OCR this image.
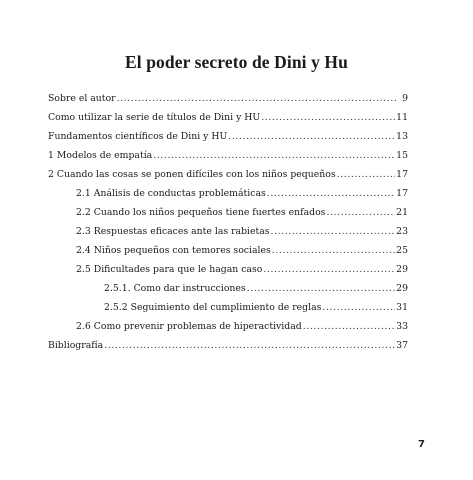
El poder secreto de Dini y Hu
Sobre el autor .....	9
Como utilizar la serie de títulos de Dini y HU .....	11
Fundamentos científicos de Dini y HU .....	13
1 Modelos de empatía .....	15
2 Cuando las cosas se ponen difíciles con los niños pequeños .....	17
2.1 Análisis de conductas problemáticas .....	17
2.2 Cuando los niños pequeños tiene fuertes enfados .....	21
2.3 Respuestas eficaces ante las rabietas .....	23
2.4 Niños pequeños con temores sociales .....	25
2.5 Dificultades para que le hagan caso .....	29
2.5.1. Como dar instrucciones .....	29
2.5.2 Seguimiento del cumplimiento de reglas .....	31
2.6 Como prevenir problemas de hiperactividad .....	33
Bibliografía .....	37
7
